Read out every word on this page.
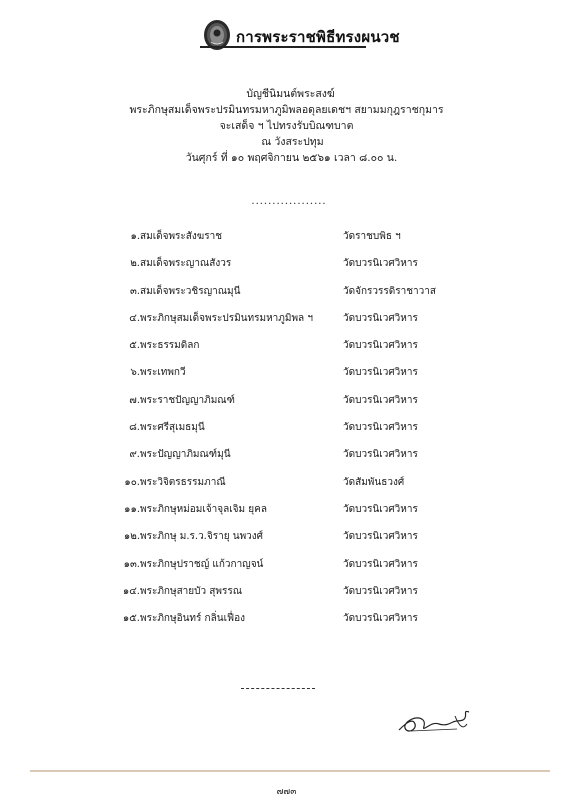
การพระราชพิธีทรงผนวช
บัญชีนิมนต์พระสงฆ์
พระภิกษุสมเด็จพระปรมินทรมหาภูมิพลอดุลยเดชฯ สยามมกุฎราชกุมาร
จะเสด็จ ฯ ไปทรงรับบิณฑบาต
ณ วังสระปทุม
วันศุกร์ ที่ ๑๐ พฤศจิกายน ๒๕๖๑ เวลา ๘.๐๐ น.
..................
๑. สมเด็จพระสังฆราช	วัดราชบพิธ ฯ
๒. สมเด็จพระญาณสังวร	วัดบวรนิเวศวิหาร
๓. สมเด็จพระวชิรญาณมุนี	วัดจักรวรรดิราชาวาส
๔. พระภิกษุสมเด็จพระปรมินทรมหาภูมิพล ฯ	วัดบวรนิเวศวิหาร
๕. พระธรรมดิลก	วัดบวรนิเวศวิหาร
๖. พระเทพกวี	วัดบวรนิเวศวิหาร
๗. พระราชปัญญาภิมณฑ์	วัดบวรนิเวศวิหาร
๘. พระศรีสุเมธมุนี	วัดบวรนิเวศวิหาร
๙. พระปัญญาภิมณฑ์มุนี	วัดบวรนิเวศวิหาร
๑๐. พระวิจิตรธรรมภาณี	วัดสัมพันธวงศ์
๑๑. พระภิกษุหม่อมเจ้าจุลเจิม ยุคล	วัดบวรนิเวศวิหาร
๑๒. พระภิกษุ ม.ร.ว.จิรายุ นพวงศ์	วัดบวรนิเวศวิหาร
๑๓. พระภิกษุปราชญ์ แก้วกาญจน์	วัดบวรนิเวศวิหาร
๑๔. พระภิกษุสายบัว สุพรรณ	วัดบวรนิเวศวิหาร
๑๕. พระภิกษุอินทร์ กลิ่นเฟื่อง	วัดบวรนิเวศวิหาร
๗๗๓
